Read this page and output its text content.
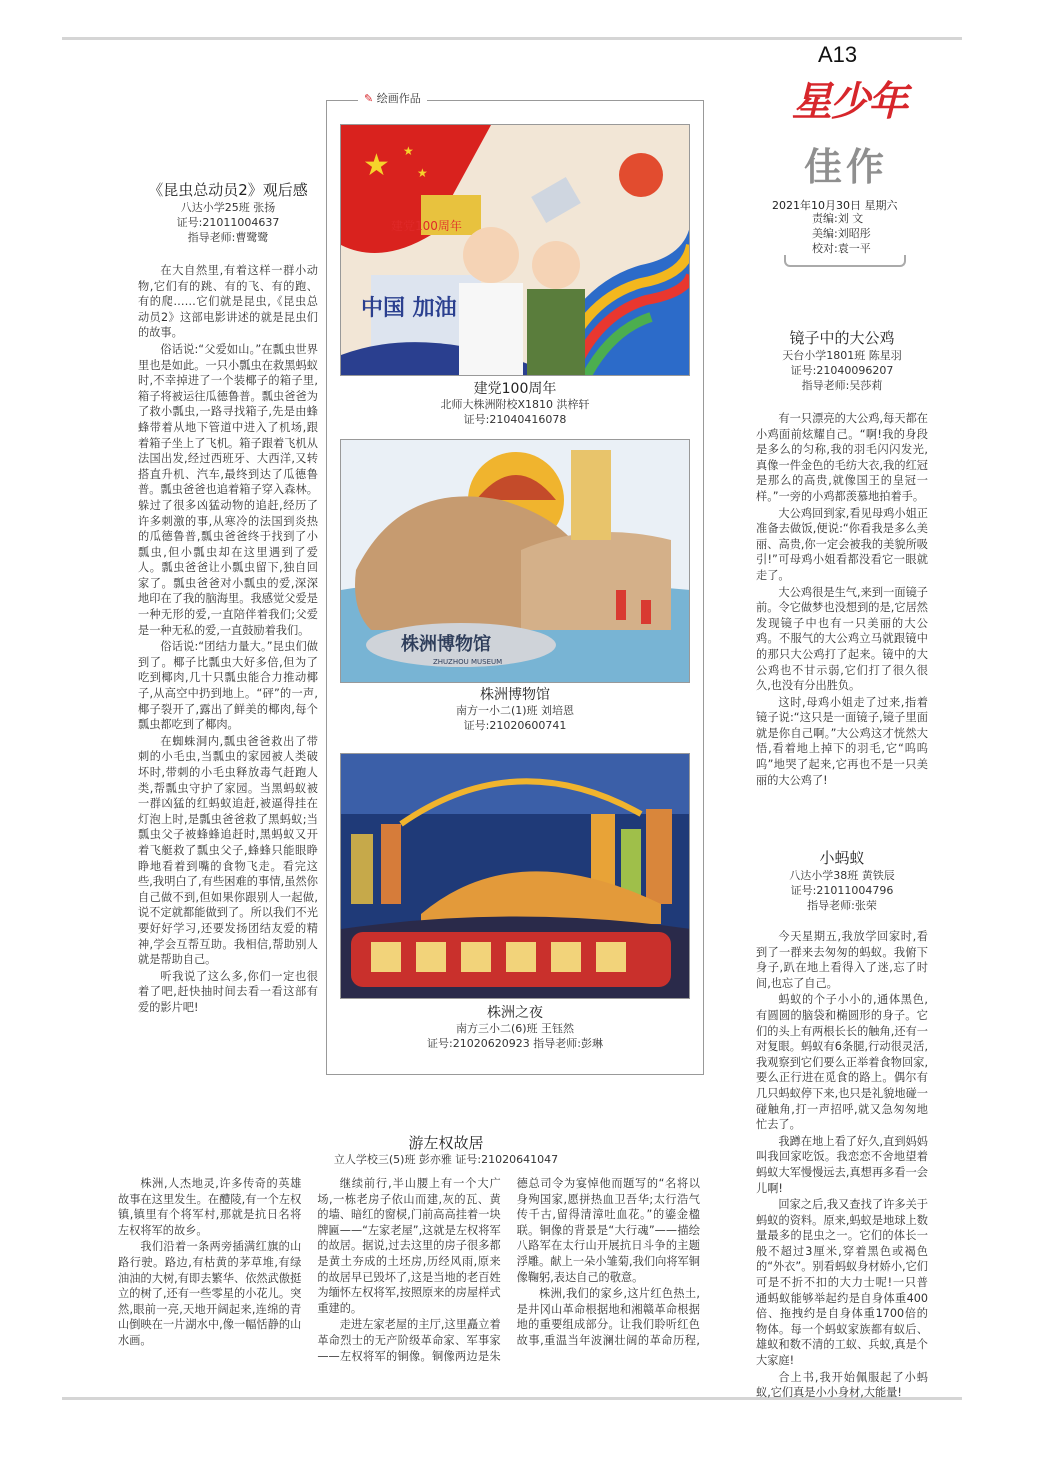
A13
星少年
佳作
2021年10月30日 星期六
责编:刘 文
美编:刘昭彤
校对:袁一平
✎ 绘画作品
★ ★
★
建党100周年
中国 加油
建党100周年
北师大株洲附校X1810 洪梓轩
证号:21040416078
株洲博物馆
ZHUZHOU MUSEUM
株洲博物馆
南方一小二(1)班 刘培恩
证号:21020600741
株洲之夜
南方三小二(6)班 王钰然
证号:21020620923 指导老师:彭琳
《昆虫总动员2》观后感
八达小学25班 张扬
证号:21011004637
指导老师:曹鹭鹭

在大自然里,有着这样一群小动物,它们有的跳、有的飞、有的跑、有的爬……它们就是昆虫,《昆虫总动员2》这部电影讲述的就是昆虫们的故事。

俗话说:“父爱如山。”在瓢虫世界里也是如此。一只小瓢虫在救黑蚂蚁时,不幸掉进了一个装椰子的箱子里,箱子将被运往瓜德鲁普。瓢虫爸爸为了救小瓢虫,一路寻找箱子,先是由蜂蜂带着从地下管道中进入了机场,跟着箱子坐上了飞机。箱子跟着飞机从法国出发,经过西班牙、大西洋,又转搭直升机、汽车,最终到达了瓜德鲁普。瓢虫爸爸也追着箱子穿入森林。躲过了很多凶猛动物的追赶,经历了许多刺激的事,从寒冷的法国到炎热的瓜德鲁普,瓢虫爸爸终于找到了小瓢虫,但小瓢虫却在这里遇到了爱人。瓢虫爸爸让小瓢虫留下,独自回家了。瓢虫爸爸对小瓢虫的爱,深深地印在了我的脑海里。我感觉父爱是一种无形的爱,一直陪伴着我们;父爱是一种无私的爱,一直鼓励着我们。

俗话说:“团结力量大。”昆虫们做到了。椰子比瓢虫大好多倍,但为了吃到椰肉,几十只瓢虫能合力推动椰子,从高空中扔到地上。“砰”的一声,椰子裂开了,露出了鲜美的椰肉,每个瓢虫都吃到了椰肉。

在蜘蛛洞内,瓢虫爸爸救出了带刺的小毛虫,当瓢虫的家园被人类破坏时,带刺的小毛虫释放毒气赶跑人类,帮瓢虫守护了家园。当黑蚂蚁被一群凶猛的红蚂蚁追赶,被逼得挂在灯泡上时,是瓢虫爸爸救了黑蚂蚁;当瓢虫父子被蜂蜂追赶时,黑蚂蚁又开着飞艇救了瓢虫父子,蜂蜂只能眼睁睁地看着到嘴的食物飞走。看完这些,我明白了,有些困难的事情,虽然你自己做不到,但如果你跟别人一起做,说不定就都能做到了。所以我们不光要好好学习,还要发扬团结友爱的精神,学会互帮互助。我相信,帮助别人就是帮助自己。

听我说了这么多,你们一定也很着了吧,赶快抽时间去看一看这部有爱的影片吧!

镜子中的大公鸡
天台小学1801班 陈星羽
证号:21040096207
指导老师:吴莎莉

有一只漂亮的大公鸡,每天都在小鸡面前炫耀自己。“啊!我的身段是多么的匀称,我的羽毛闪闪发光,真像一件金色的毛纺大衣,我的红冠是那么的高贵,就像国王的皇冠一样。”一旁的小鸡都羡慕地拍着手。

大公鸡回到家,看见母鸡小姐正准备去做饭,便说:“你看我是多么美丽、高贵,你一定会被我的美貌所吸引!”可母鸡小姐看都没看它一眼就走了。

大公鸡很是生气,来到一面镜子前。令它做梦也没想到的是,它居然发现镜子中也有一只美丽的大公鸡。不服气的大公鸡立马就跟镜中的那只大公鸡打了起来。镜中的大公鸡也不甘示弱,它们打了很久很久,也没有分出胜负。

这时,母鸡小姐走了过来,指着镜子说:“这只是一面镜子,镜子里面就是你自己啊。”大公鸡这才恍然大悟,看着地上掉下的羽毛,它“呜呜呜”地哭了起来,它再也不是一只美丽的大公鸡了!

小蚂蚁
八达小学38班 黄铁辰
证号:21011004796
指导老师:张荣

今天星期五,我放学回家时,看到了一群来去匆匆的蚂蚁。我俯下身子,趴在地上看得入了迷,忘了时间,也忘了自己。

蚂蚁的个子小小的,通体黑色,有圆圆的脑袋和椭圆形的身子。它们的头上有两根长长的触角,还有一对复眼。蚂蚁有6条腿,行动很灵活,我观察到它们要么正举着食物回家,要么正行进在觅食的路上。偶尔有几只蚂蚁停下来,也只是礼貌地碰一碰触角,打一声招呼,就又急匆匆地忙去了。

我蹲在地上看了好久,直到妈妈叫我回家吃饭。我恋恋不舍地望着蚂蚁大军慢慢远去,真想再多看一会儿啊!

回家之后,我又查找了许多关于蚂蚁的资料。原来,蚂蚁是地球上数量最多的昆虫之一。它们的体长一般不超过3厘米,穿着黑色或褐色的“外衣”。别看蚂蚁身材娇小,它们可是不折不扣的大力士呢!一只普通蚂蚁能够举起约是自身体重400倍、拖拽约是自身体重1700倍的物体。每一个蚂蚁家族都有蚁后、雄蚁和数不清的工蚁、兵蚁,真是个大家庭!

合上书,我开始佩服起了小蚂蚁,它们真是小小身材,大能量!

游左权故居
立人学校三(5)班 彭亦雅 证号:21020641047

株洲,人杰地灵,许多传奇的英雄故事在这里发生。在醴陵,有一个左权镇,镇里有个将军村,那就是抗日名将左权将军的故乡。

我们沿着一条两旁插满红旗的山路行驶。路边,有枯黄的茅草堆,有绿油油的大树,有即去繁华、依然武傲挺立的树了,还有一些零星的小花儿。突然,眼前一亮,天地开阔起来,连绵的青山倒映在一片湖水中,像一幅恬静的山水画。

继续前行,半山腰上有一个大广场,一栋老房子依山而建,灰的瓦、黄的墙、暗红的窗棂,门前高高挂着一块牌匾——“左家老屋”,这就是左权将军的故居。据说,过去这里的房子很多都是黄土夯成的土坯房,历经风雨,原来的故居早已毁坏了,这是当地的老百姓为缅怀左权将军,按照原来的房屋样式重建的。

走进左家老屋的主厅,这里矗立着革命烈士的无产阶级革命家、军事家——左权将军的铜像。铜像两边是朱德总司令为宴悼他而题写的“名将以身殉国家,愿拼热血卫吾华;太行浩气传千古,留得清漳吐血花。”的鎏金楹联。铜像的背景是“大行魂”——描绘八路军在太行山开展抗日斗争的主题浮雕。献上一朵小雏菊,我们向将军铜像鞠躬,表达自己的敬意。

株洲,我们的家乡,这片红色热土,是井冈山革命根据地和湘赣革命根据地的重要组成部分。让我们聆听红色故事,重温当年波澜壮阔的革命历程,
